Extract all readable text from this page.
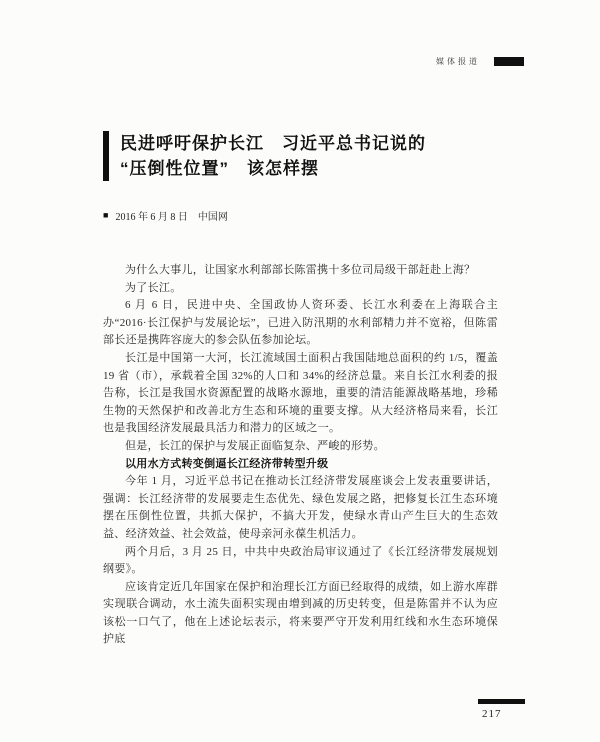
媒体报道
民进呼吁保护长江　习近平总书记说的
“压倒性位置”　该怎样摆
■ 2016 年 6 月 8 日　中国网

为什么大事儿，让国家水利部部长陈雷携十多位司局级干部赶赴上海？

为了长江。

6 月 6 日，民进中央、全国政协人资环委、长江水利委在上海联合主办“2016·长江保护与发展论坛”，已进入防汛期的水利部精力并不宽裕，但陈雷部长还是携阵容庞大的参会队伍参加论坛。

长江是中国第一大河，长江流域国土面积占我国陆地总面积的约 1/5，覆盖 19 省（市），承载着全国 32%的人口和 34%的经济总量。来自长江水利委的报告称，长江是我国水资源配置的战略水源地，重要的清洁能源战略基地，珍稀生物的天然保护和改善北方生态和环境的重要支撑。从大经济格局来看，长江也是我国经济发展最具活力和潜力的区域之一。

但是，长江的保护与发展正面临复杂、严峻的形势。

以用水方式转变倒逼长江经济带转型升级

今年 1 月，习近平总书记在推动长江经济带发展座谈会上发表重要讲话，强调：长江经济带的发展要走生态优先、绿色发展之路，把修复长江生态环境摆在压倒性位置，共抓大保护，不搞大开发，使绿水青山产生巨大的生态效益、经济效益、社会效益，使母亲河永葆生机活力。

两个月后，3 月 25 日，中共中央政治局审议通过了《长江经济带发展规划纲要》。

应该肯定近几年国家在保护和治理长江方面已经取得的成绩，如上游水库群实现联合调动，水土流失面积实现由增到减的历史转变，但是陈雷并不认为应该松一口气了，他在上述论坛表示，将来要严守开发利用红线和水生态环境保护底

217
